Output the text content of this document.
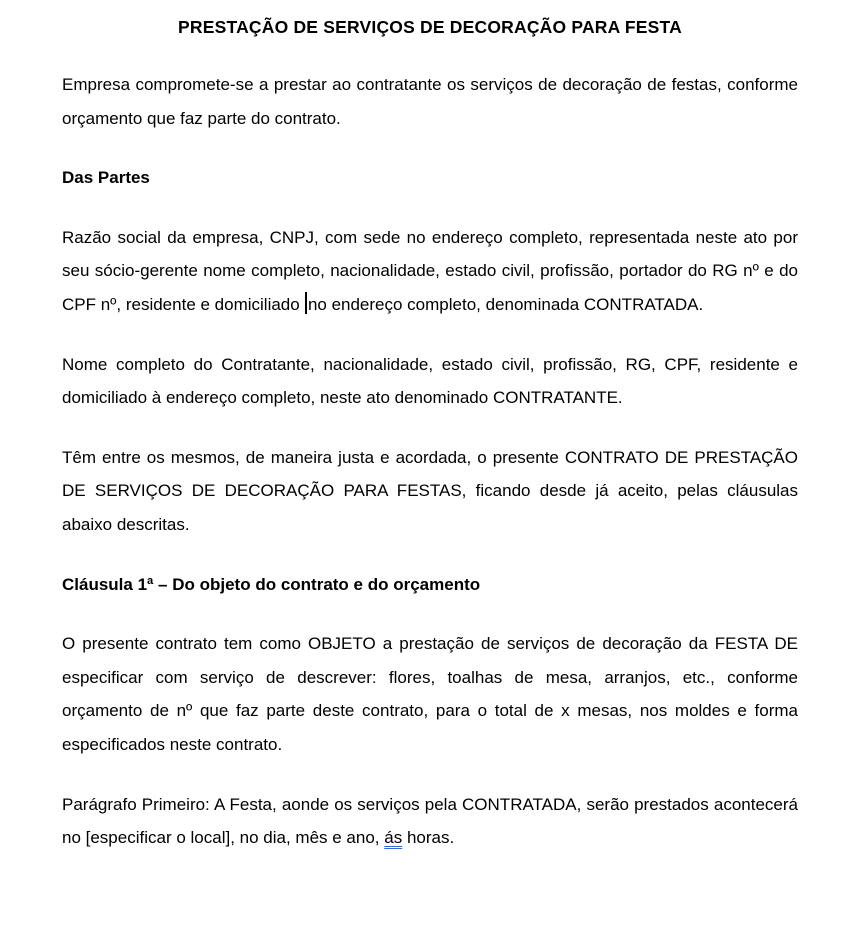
PRESTAÇÃO DE SERVIÇOS DE DECORAÇÃO PARA FESTA

Empresa compromete-se a prestar ao contratante os serviços de decoração de festas, conforme orçamento que faz parte do contrato.

Das Partes

Razão social da empresa, CNPJ, com sede no endereço completo, representada neste ato por seu sócio-gerente nome completo, nacionalidade, estado civil, profissão, portador do RG nº e do CPF nº, residente e domiciliado no endereço completo, denominada CONTRATADA.

Nome completo do Contratante, nacionalidade, estado civil, profissão, RG, CPF, residente e domiciliado à endereço completo, neste ato denominado CONTRATANTE.

Têm entre os mesmos, de maneira justa e acordada, o presente CONTRATO DE PRESTAÇÃO DE SERVIÇOS DE DECORAÇÃO PARA FESTAS, ficando desde já aceito, pelas cláusulas abaixo descritas.

Cláusula 1ª – Do objeto do contrato e do orçamento

O presente contrato tem como OBJETO a prestação de serviços de decoração da FESTA DE especificar com serviço de descrever: flores, toalhas de mesa, arranjos, etc., conforme orçamento de nº que faz parte deste contrato, para o total de x mesas, nos moldes e forma especificados neste contrato.

Parágrafo Primeiro: A Festa, aonde os serviços pela CONTRATADA, serão prestados acontecerá no [especificar o local], no dia, mês e ano, ás horas.
